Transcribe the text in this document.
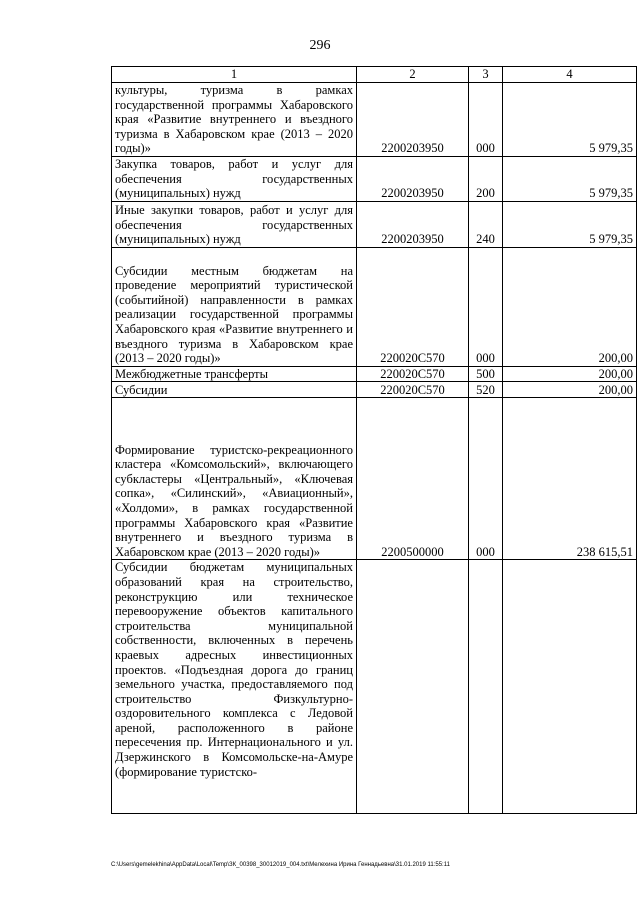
296
1	2	3	4
культуры, туризма в рамках государственной программы Хабаровского края «Развитие внутреннего и въездного туризма в Хабаровском крае (2013 – 2020 годы)»	2200203950	000	5 979,35
Закупка товаров, работ и услуг для обеспечения государственных (муниципальных) нужд	2200203950	200	5 979,35
Иные закупки товаров, работ и услуг для обеспечения государственных (муниципальных) нужд	2200203950	240	5 979,35
Субсидии местным бюджетам на проведение мероприятий туристической (событийной) направленности в рамках реализации государственной программы Хабаровского края «Развитие внутреннего и въездного туризма в Хабаровском крае (2013 – 2020 годы)»	220020C570	000	200,00
Межбюджетные трансферты	220020C570	500	200,00
Субсидии	220020C570	520	200,00
Формирование туристско-рекреационного кластера «Комсомольский», включающего субкластеры «Центральный», «Ключевая сопка», «Силинский», «Авиационный», «Холдоми», в рамках государственной программы Хабаровского края «Развитие внутреннего и въездного туризма в Хабаровском крае (2013 – 2020 годы)»	2200500000	000	238 615,51
Субсидии бюджетам муниципальных образований края на строительство, реконструкцию или техническое перевооружение объектов капитального строительства муниципальной собственности, включенных в перечень краевых адресных инвестиционных проектов. «Подъездная дорога до границ земельного участка, предоставляемого под строительство Физкультурно-оздоровительного комплекса с Ледовой ареной, расположенного в районе пересечения пр. Интернационального и ул. Дзержинского в Комсомольске-на-Амуре (формирование туристско-			
C:\Users\gemelekhina\AppData\Local\Temp\ЗК_00398_30012019_004.txt\Мелехина Ирина Геннадьевна\31.01.2019 11:55:11
